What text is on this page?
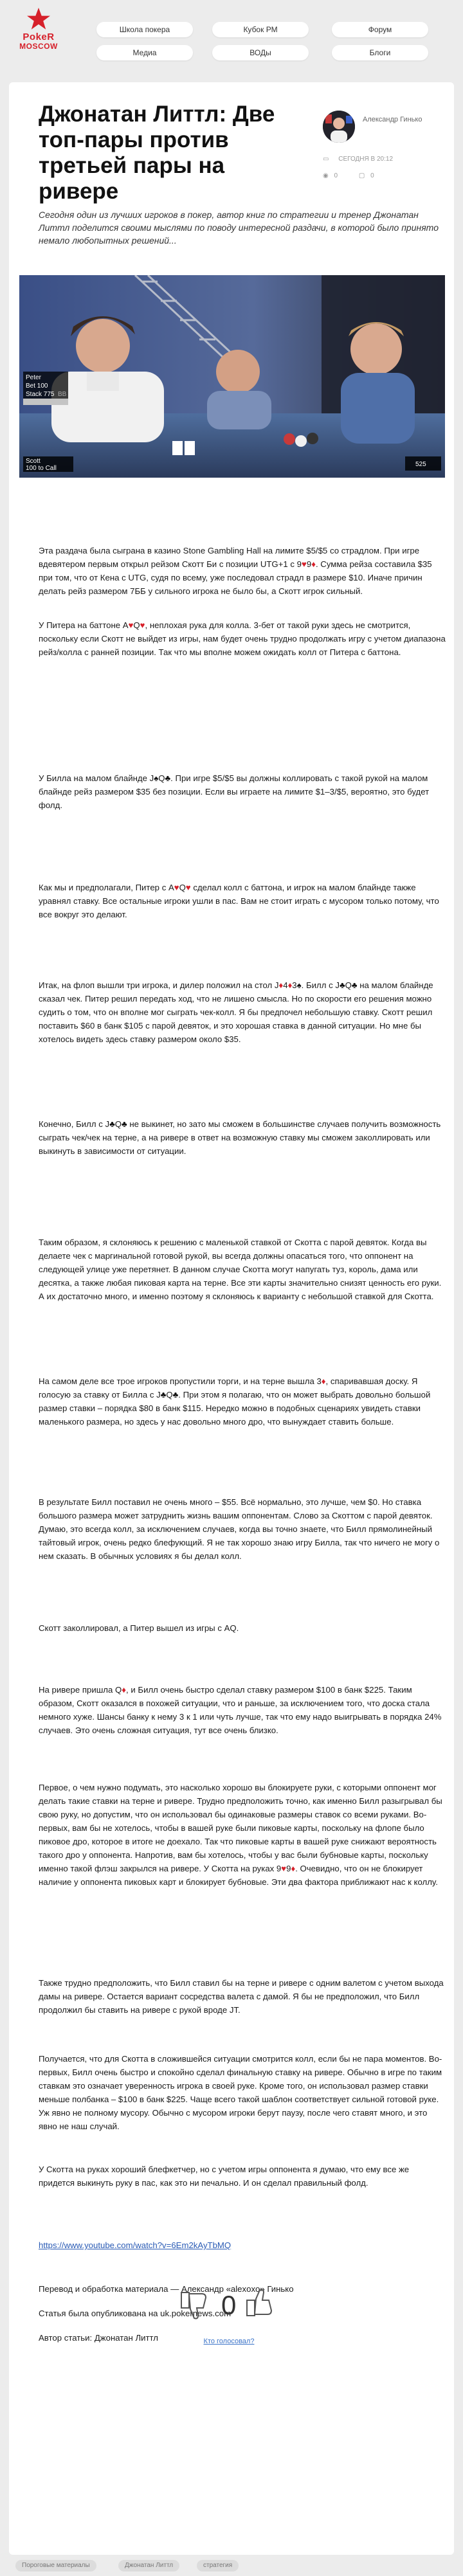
PokeR
MOSCOW
Школа покера	Кубок РМ	Форум
Медиа	ВОДы	Блоги
Джонатан Литтл: Две топ-пары против третьей пары на ривере
Александр Гинько
▭ СЕГОДНЯ В 20:12
◉ 0	▢ 0

Сегодня один из лучших игроков в покер, автор книг по стратегии и тренер Джонатан Литтл поделится своими мыслями по поводу интересной раздачи, в которой было принято немало любопытных решений...

Peter
Bet 100
Stack 775 BB
Scott
100 to Call
525
Эта раздача была сыграна в казино Stone Gambling Hall на лимите $5/$5 со страдлом. При игре вдевятером первым открыл рейзом Скотт Би с позиции UTG+1 с 9♥9♦. Сумма рейза составила $35 при том, что от Кена с UTG, судя по всему, уже последовал страдл в размере $10. Иначе причин делать рейз размером 7ББ у сильного игрока не было бы, а Скотт игрок сильный.
У Питера на баттоне A♥Q♥, неплохая рука для колла. 3-бет от такой руки здесь не смотрится, поскольку если Скотт не выйдет из игры, нам будет очень трудно продолжать игру с учетом диапазона рейз/колла с ранней позиции. Так что мы вполне можем ожидать колл от Питера с баттона.
У Билла на малом блайнде J♠Q♣. При игре $5/$5 вы должны коллировать с такой рукой на малом блайнде рейз размером $35 без позиции. Если вы играете на лимите $1–3/$5, вероятно, это будет фолд.
Как мы и предполагали, Питер с A♥Q♥ сделал колл с баттона, и игрок на малом блайнде также уравнял ставку. Все остальные игроки ушли в пас. Вам не стоит играть с мусором только потому, что все вокруг это делают.
Итак, на флоп вышли три игрока, и дилер положил на стол J♦4♦3♠. Билл с J♣Q♣ на малом блайнде сказал чек. Питер решил передать ход, что не лишено смысла. Но по скорости его решения можно судить о том, что он вполне мог сыграть чек-колл. Я бы предпочел небольшую ставку. Скотт решил поставить $60 в банк $105 с парой девяток, и это хорошая ставка в данной ситуации. Но мне бы хотелось видеть здесь ставку размером около $35.
Конечно, Билл с J♣Q♣ не выкинет, но зато мы сможем в большинстве случаев получить возможность сыграть чек/чек на терне, а на ривере в ответ на возможную ставку мы сможем заколлировать или выкинуть в зависимости от ситуации.
Таким образом, я склоняюсь к решению с маленькой ставкой от Скотта с парой девяток. Когда вы делаете чек с маргинальной готовой рукой, вы всегда должны опасаться того, что оппонент на следующей улице уже перетянет. В данном случае Скотта могут напугать туз, король, дама или десятка, а также любая пиковая карта на терне. Все эти карты значительно снизят ценность его руки. А их достаточно много, и именно поэтому я склоняюсь к варианту с небольшой ставкой для Скотта.
На самом деле все трое игроков пропустили торги, и на терне вышла 3♦, спаривавшая доску. Я голосую за ставку от Билла с J♣Q♣. При этом я полагаю, что он может выбрать довольно большой размер ставки – порядка $80 в банк $115. Нередко можно в подобных сценариях увидеть ставки маленького размера, но здесь у нас довольно много дро, что вынуждает ставить больше.
В результате Билл поставил не очень много – $55. Всё нормально, это лучше, чем $0. Но ставка большого размера может затруднить жизнь вашим оппонентам. Слово за Скоттом с парой девяток. Думаю, это всегда колл, за исключением случаев, когда вы точно знаете, что Билл прямолинейный тайтовый игрок, очень редко блефующий. Я не так хорошо знаю игру Билла, так что ничего не могу о нем сказать. В обычных условиях я бы делал колл.
Скотт заколлировал, а Питер вышел из игры с AQ.
На ривере пришла Q♦, и Билл очень быстро сделал ставку размером $100 в банк $225. Таким образом, Скотт оказался в похожей ситуации, что и раньше, за исключением того, что доска стала немного хуже. Шансы банку к нему 3 к 1 или чуть лучше, так что ему надо выигрывать в порядка 24% случаев. Это очень сложная ситуация, тут все очень близко.
Первое, о чем нужно подумать, это насколько хорошо вы блокируете руки, с которыми оппонент мог делать такие ставки на терне и ривере. Трудно предположить точно, как именно Билл разыгрывал бы свою руку, но допустим, что он использовал бы одинаковые размеры ставок со всеми руками. Во-первых, вам бы не хотелось, чтобы в вашей руке были пиковые карты, поскольку на флопе было пиковое дро, которое в итоге не доехало. Так что пиковые карты в вашей руке снижают вероятность такого дро у оппонента. Напротив, вам бы хотелось, чтобы у вас были бубновые карты, поскольку именно такой флэш закрылся на ривере. У Скотта на руках 9♥9♦. Очевидно, что он не блокирует наличие у оппонента пиковых карт и блокирует бубновые. Эти два фактора приближают нас к коллу.
Также трудно предположить, что Билл ставил бы на терне и ривере с одним валетом с учетом выхода дамы на ривере. Остается вариант сосредства валета с дамой. Я бы не предположил, что Билл продолжил бы ставить на ривере с рукой вроде JT.
Получается, что для Скотта в сложившейся ситуации смотрится колл, если бы не пара моментов. Во-первых, Билл очень быстро и спокойно сделал финальную ставку на ривере. Обычно в игре по таким ставкам это означает уверенность игрока в своей руке. Кроме того, он использовал размер ставки меньше полбанка – $100 в банк $225. Чаще всего такой шаблон соответствует сильной готовой руке. Уж явно не полному мусору. Обычно с мусором игроки берут паузу, после чего ставят много, и это явно не наш случай.
У Скотта на руках хороший блефкетчер, но с учетом игры оппонента я думаю, что ему все же придется выкинуть руку в пас, как это ни печально. И он сделал правильный фолд.
https://www.youtube.com/watch?v=6Em2kAyTbMQ
Перевод и обработка материала — Александр «alexoxo» Гинько
Статья была опубликована на uk.pokernews.com
Автор статьи: Джонатан Литтл
0
Кто голосовал?
Пороговые материалы	Джонатан Литтл	стратегия
